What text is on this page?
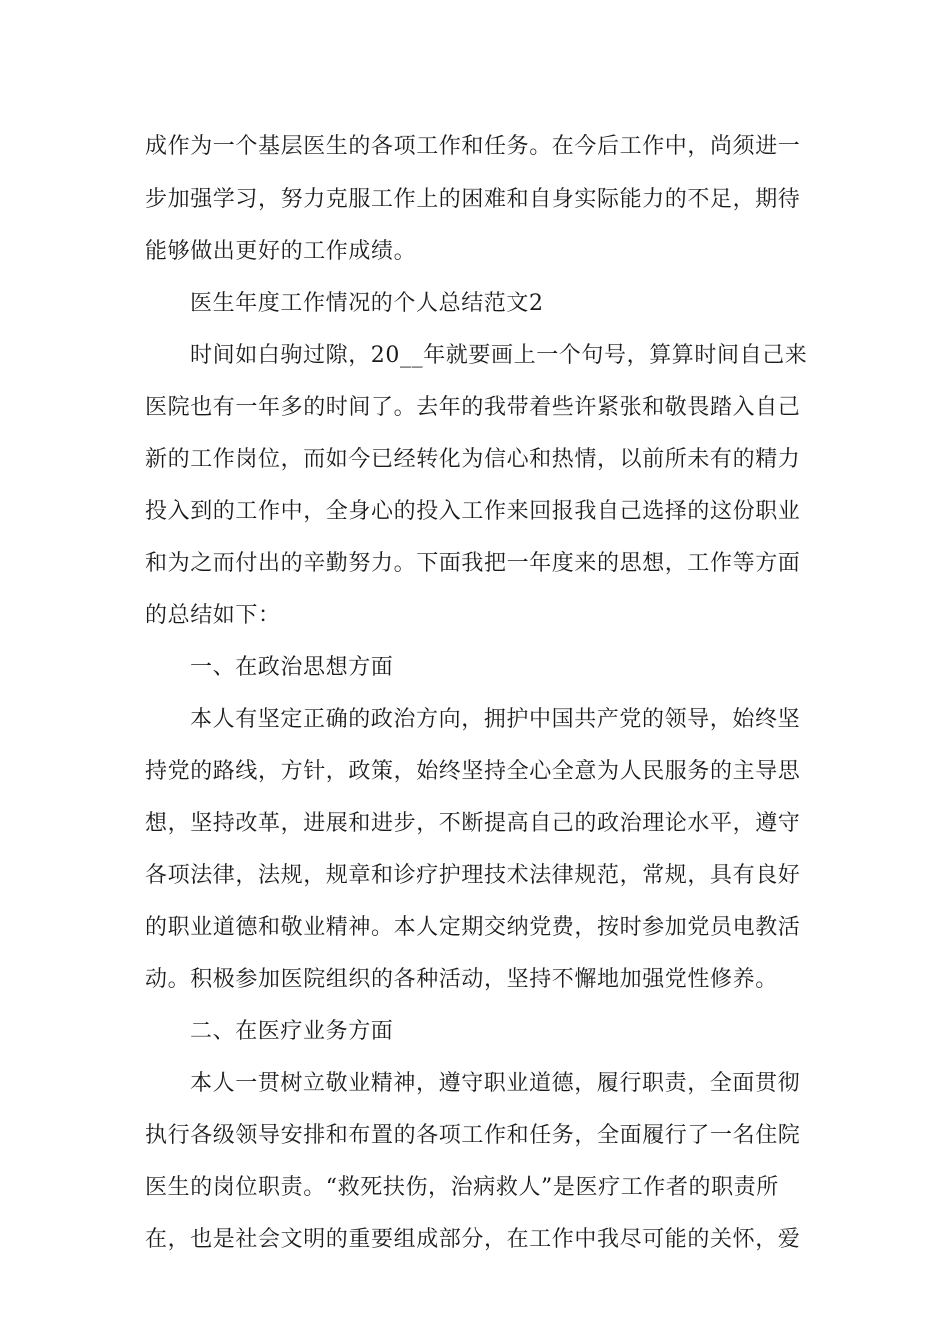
成作为一个基层医生的各项工作和任务。在今后工作中，尚须进一
步加强学习，努力克服工作上的困难和自身实际能力的不足，期待
能够做出更好的工作成绩。
医生年度工作情况的个人总结范文2
时间如白驹过隙，20__年就要画上一个句号，算算时间自己来
医院也有一年多的时间了。去年的我带着些许紧张和敬畏踏入自己
新的工作岗位，而如今已经转化为信心和热情，以前所未有的精力
投入到的工作中，全身心的投入工作来回报我自己选择的这份职业
和为之而付出的辛勤努力。下面我把一年度来的思想，工作等方面
的总结如下：
一、在政治思想方面
本人有坚定正确的政治方向，拥护中国共产党的领导，始终坚
持党的路线，方针，政策，始终坚持全心全意为人民服务的主导思
想，坚持改革，进展和进步，不断提高自己的政治理论水平，遵守
各项法律，法规，规章和诊疗护理技术法律规范，常规，具有良好
的职业道德和敬业精神。本人定期交纳党费，按时参加党员电教活
动。积极参加医院组织的各种活动，坚持不懈地加强党性修养。
二、在医疗业务方面
本人一贯树立敬业精神，遵守职业道德，履行职责，全面贯彻
执行各级领导安排和布置的各项工作和任务，全面履行了一名住院
医生的岗位职责。“救死扶伤，治病救人”是医疗工作者的职责所
在，也是社会文明的重要组成部分，在工作中我尽可能的关怀，爱
